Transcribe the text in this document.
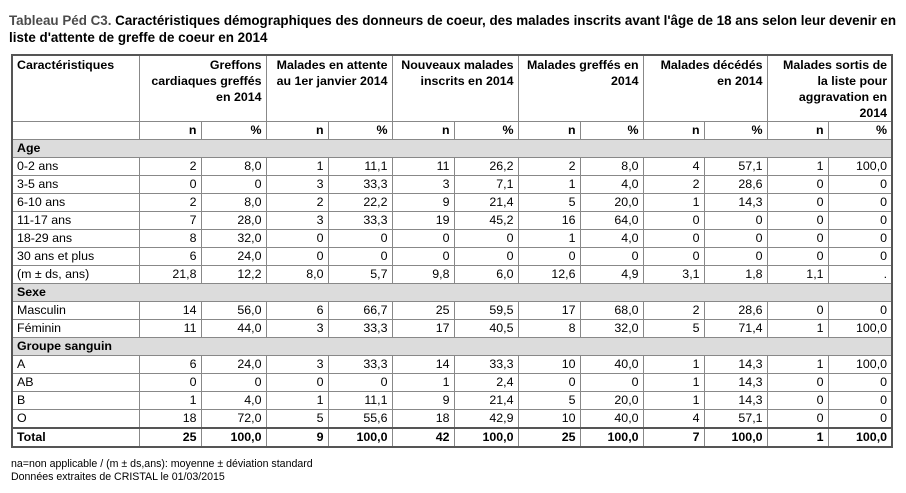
Tableau Péd C3. Caractéristiques démographiques des donneurs de coeur, des malades inscrits avant l'âge de 18 ans selon leur devenir en liste d'attente de greffe de coeur en 2014
Caractéristiques	Greffons cardiaques greffés en 2014		Malades en attente au 1er janvier 2014		Nouveaux malades inscrits en 2014		Malades greffés en 2014		Malades décédés en 2014		Malades sortis de la liste pour aggravation en 2014	
	n	%	n	%	n	%	n	%	n	%	n	%
Age												
0-2 ans	2	8,0	1	11,1	11	26,2	2	8,0	4	57,1	1	100,0
3-5 ans	0	0	3	33,3	3	7,1	1	4,0	2	28,6	0	0
6-10 ans	2	8,0	2	22,2	9	21,4	5	20,0	1	14,3	0	0
11-17 ans	7	28,0	3	33,3	19	45,2	16	64,0	0	0	0	0
18-29 ans	8	32,0	0	0	0	0	1	4,0	0	0	0	0
30 ans et plus	6	24,0	0	0	0	0	0	0	0	0	0	0
(m ± ds, ans)	21,8	12,2	8,0	5,7	9,8	6,0	12,6	4,9	3,1	1,8	1,1	.
Sexe												
Masculin	14	56,0	6	66,7	25	59,5	17	68,0	2	28,6	0	0
Féminin	11	44,0	3	33,3	17	40,5	8	32,0	5	71,4	1	100,0
Groupe sanguin												
A	6	24,0	3	33,3	14	33,3	10	40,0	1	14,3	1	100,0
AB	0	0	0	0	1	2,4	0	0	1	14,3	0	0
B	1	4,0	1	11,1	9	21,4	5	20,0	1	14,3	0	0
O	18	72,0	5	55,6	18	42,9	10	40,0	4	57,1	0	0
Total	25	100,0	9	100,0	42	100,0	25	100,0	7	100,0	1	100,0
na=non applicable / (m ± ds,ans): moyenne ± déviation standard
Données extraites de CRISTAL le 01/03/2015
